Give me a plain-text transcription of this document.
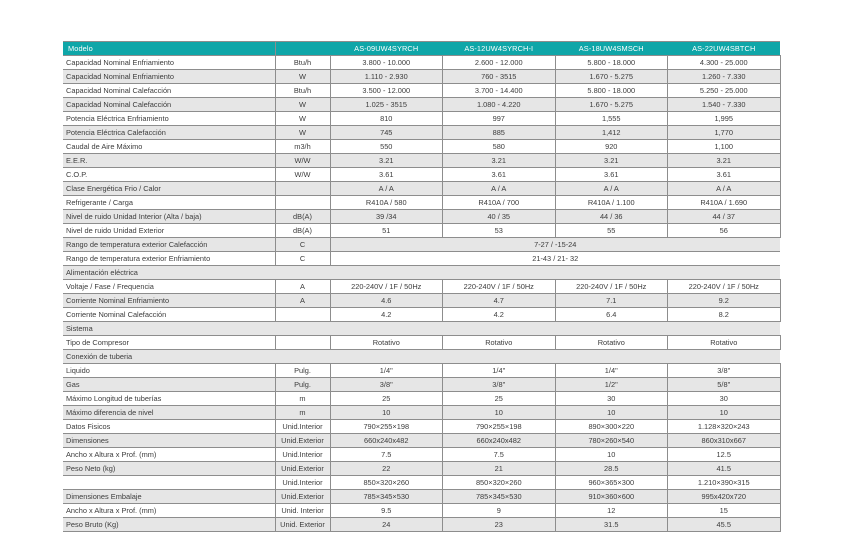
Modelo		AS-09UW4SYRCH	AS-12UW4SYRCH-I	AS-18UW4SMSCH	AS-22UW4SBTCH
Capacidad Nominal Enfriamiento	Btu/h	3.800 - 10.000	2.600 - 12.000	5.800 - 18.000	4.300 - 25.000
Capacidad Nominal Enfriamiento	W	1.110 - 2.930	760 - 3515	1.670 - 5.275	1.260 - 7.330
Capacidad Nominal Calefacción	Btu/h	3.500 - 12.000	3.700 - 14.400	5.800 - 18.000	5.250 - 25.000
Capacidad Nominal Calefacción	W	1.025 - 3515	1.080 - 4.220	1.670 - 5.275	1.540 - 7.330
Potencia Eléctrica Enfriamiento	W	810	997	1,555	1,995
Potencia Eléctrica Calefacción	W	745	885	1,412	1,770
Caudal de Aire Máximo	m3/h	550	580	920	1,100
E.E.R.	W/W	3.21	3.21	3.21	3.21
C.O.P.	W/W	3.61	3.61	3.61	3.61
Clase Energética Frio / Calor		A / A	A / A	A / A	A / A
Refrigerante / Carga		R410A / 580	R410A / 700	R410A / 1.100	R410A / 1.690
Nivel de ruido Unidad Interior (Alta / baja)	dB(A)	39 /34	40 / 35	44 / 36	44 / 37
Nivel de ruido Unidad Exterior	dB(A)	51	53	55	56
Rango de temperatura exterior Calefacción	C	7-27 / -15-24			
Rango de temperatura exterior Enfriamiento	C	21-43 / 21- 32			
Alimentación eléctrica					
Voltaje / Fase / Frequencia	A	220-240V / 1F / 50Hz	220-240V / 1F / 50Hz	220-240V / 1F / 50Hz	220-240V / 1F / 50Hz
Corriente Nominal Enfriamiento	A	4.6	4.7	7.1	9.2
Corriente Nominal Calefacción		4.2	4.2	6.4	8.2
Sistema					
Tipo de Compresor		Rotativo	Rotativo	Rotativo	Rotativo
Conexión de tuberia					
Liquido	Pulg.	1/4"	1/4"	1/4"	3/8"
Gas	Pulg.	3/8"	3/8"	1/2"	5/8"
Máximo Longitud de tuberías	m	25	25	30	30
Máximo diferencia de nivel	m	10	10	10	10
Datos Fisicos	Unid.Interior	790×255×198	790×255×198	890×300×220	1.128×320×243
Dimensiones	Unid.Exterior	660x240x482	660x240x482	780×260×540	860x310x667
Ancho x Altura x Prof. (mm)	Unid.Interior	7.5	7.5	10	12.5
Peso Neto (kg)	Unid.Exterior	22	21	28.5	41.5
	Unid.Interior	850×320×260	850×320×260	960×365×300	1.210×390×315
Dimensiones Embalaje	Unid.Exterior	785×345×530	785×345×530	910×360×600	995x420x720
Ancho x Altura x Prof. (mm)	Unid. Interior	9.5	9	12	15
Peso Bruto (Kg)	Unid. Exterior	24	23	31.5	45.5
